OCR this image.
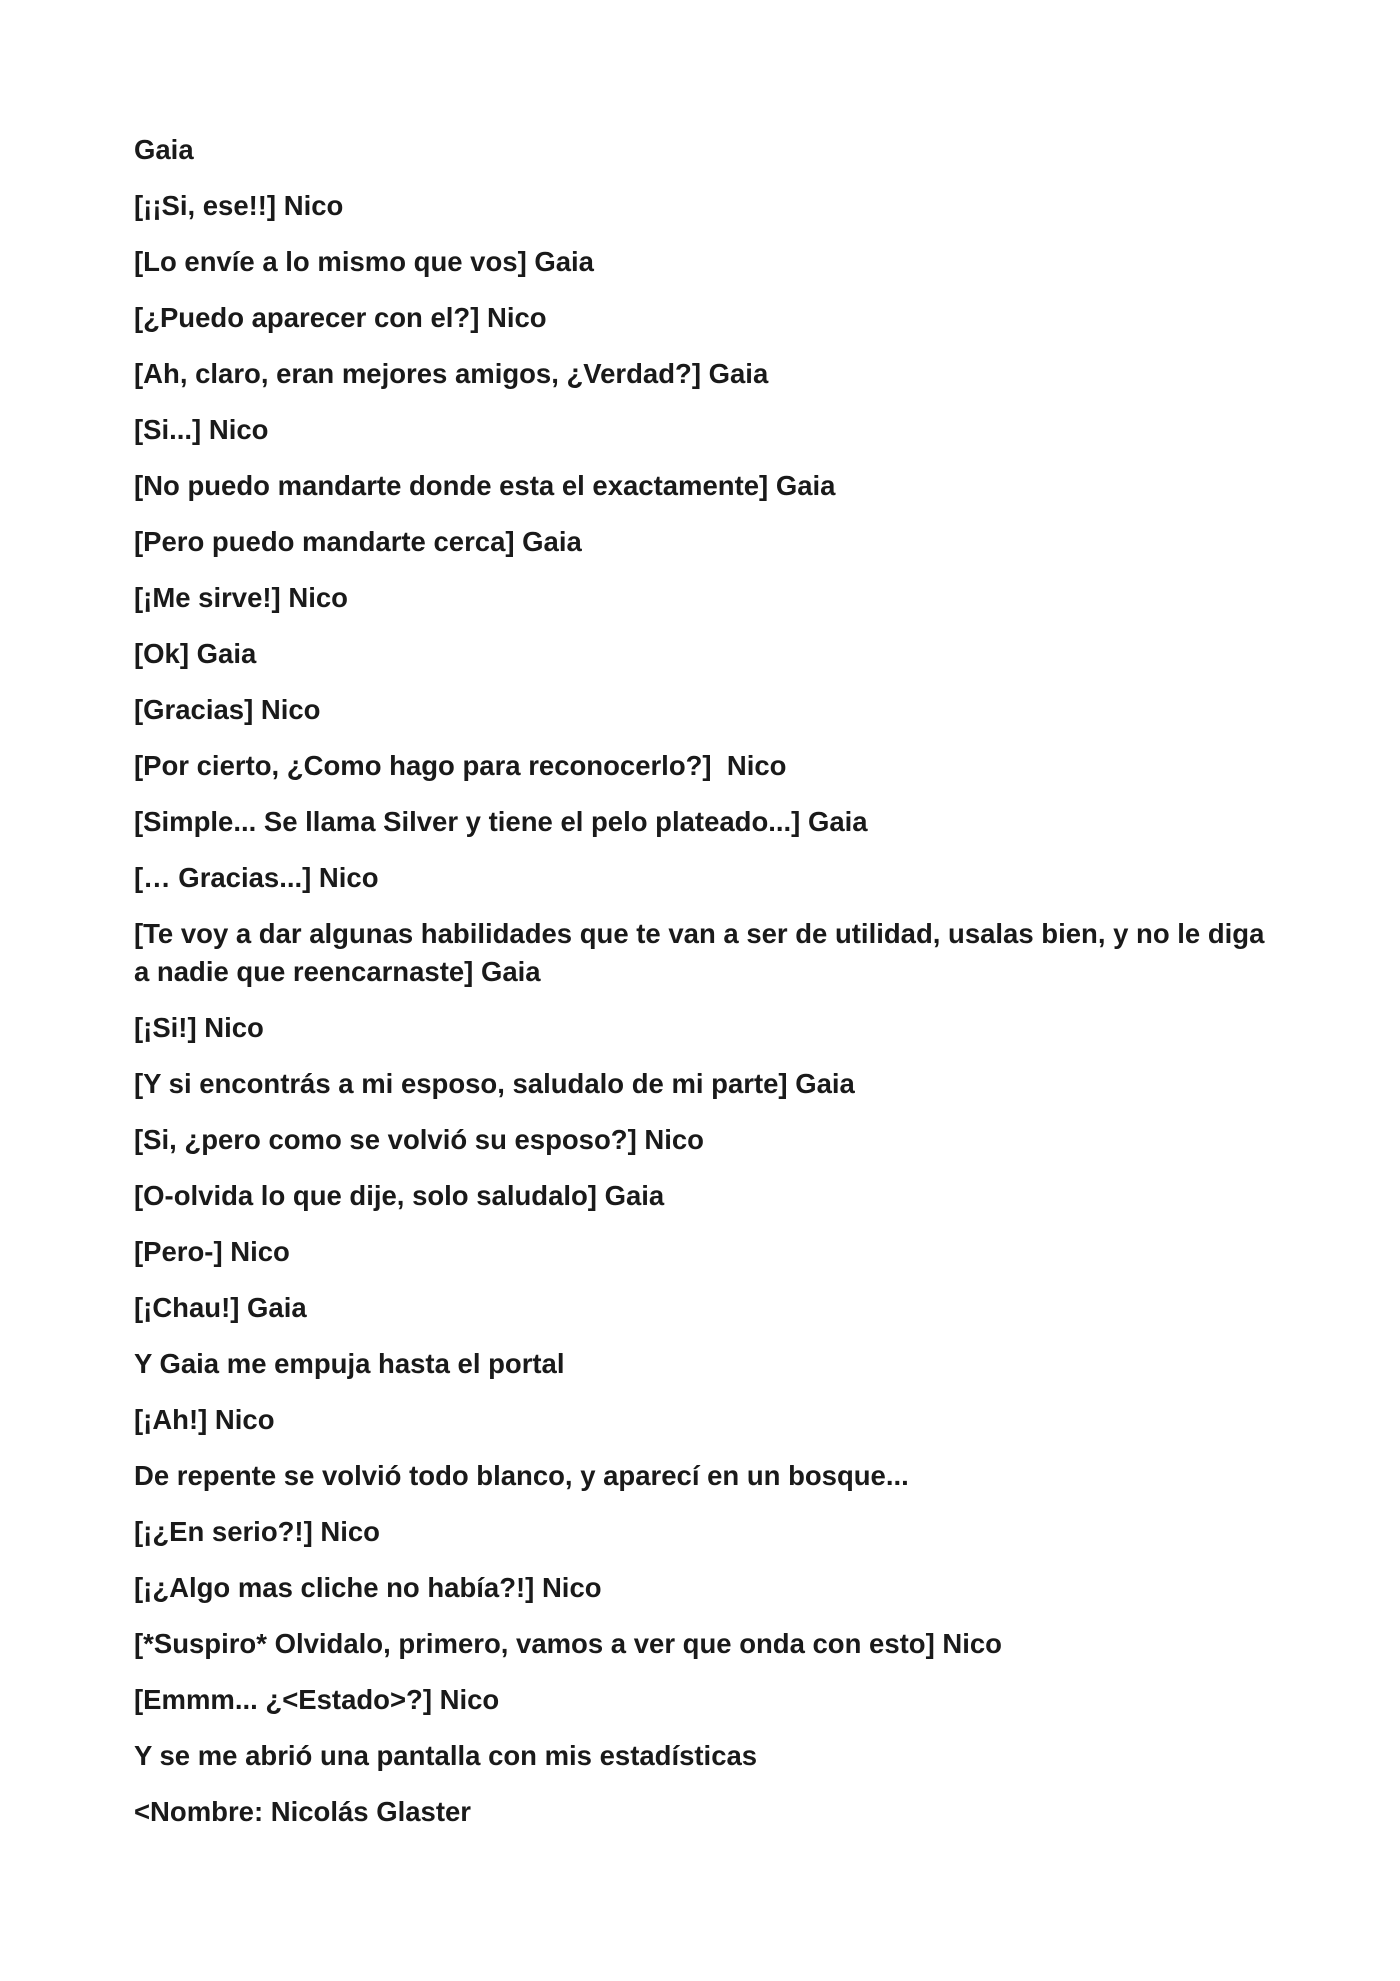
Gaia

[¡¡Si, ese!!] Nico

[Lo envíe a lo mismo que vos] Gaia

[¿Puedo aparecer con el?] Nico

[Ah, claro, eran mejores amigos, ¿Verdad?] Gaia

[Si...] Nico

[No puedo mandarte donde esta el exactamente] Gaia

[Pero puedo mandarte cerca] Gaia

[¡Me sirve!] Nico

[Ok] Gaia

[Gracias] Nico

[Por cierto, ¿Como hago para reconocerlo?]  Nico

[Simple... Se llama Silver y tiene el pelo plateado...] Gaia

[… Gracias...] Nico

[Te voy a dar algunas habilidades que te van a ser de utilidad, usalas bien, y no le diga a nadie que reencarnaste] Gaia

[¡Si!] Nico

[Y si encontrás a mi esposo, saludalo de mi parte] Gaia

[Si, ¿pero como se volvió su esposo?] Nico

[O-olvida lo que dije, solo saludalo] Gaia

[Pero-] Nico

[¡Chau!] Gaia

Y Gaia me empuja hasta el portal

[¡Ah!] Nico

De repente se volvió todo blanco, y aparecí en un bosque...

[¡¿En serio?!] Nico

[¡¿Algo mas cliche no había?!] Nico

[*Suspiro* Olvidalo, primero, vamos a ver que onda con esto] Nico

[Emmm... ¿<Estado>?] Nico

Y se me abrió una pantalla con mis estadísticas

<Nombre: Nicolás Glaster
